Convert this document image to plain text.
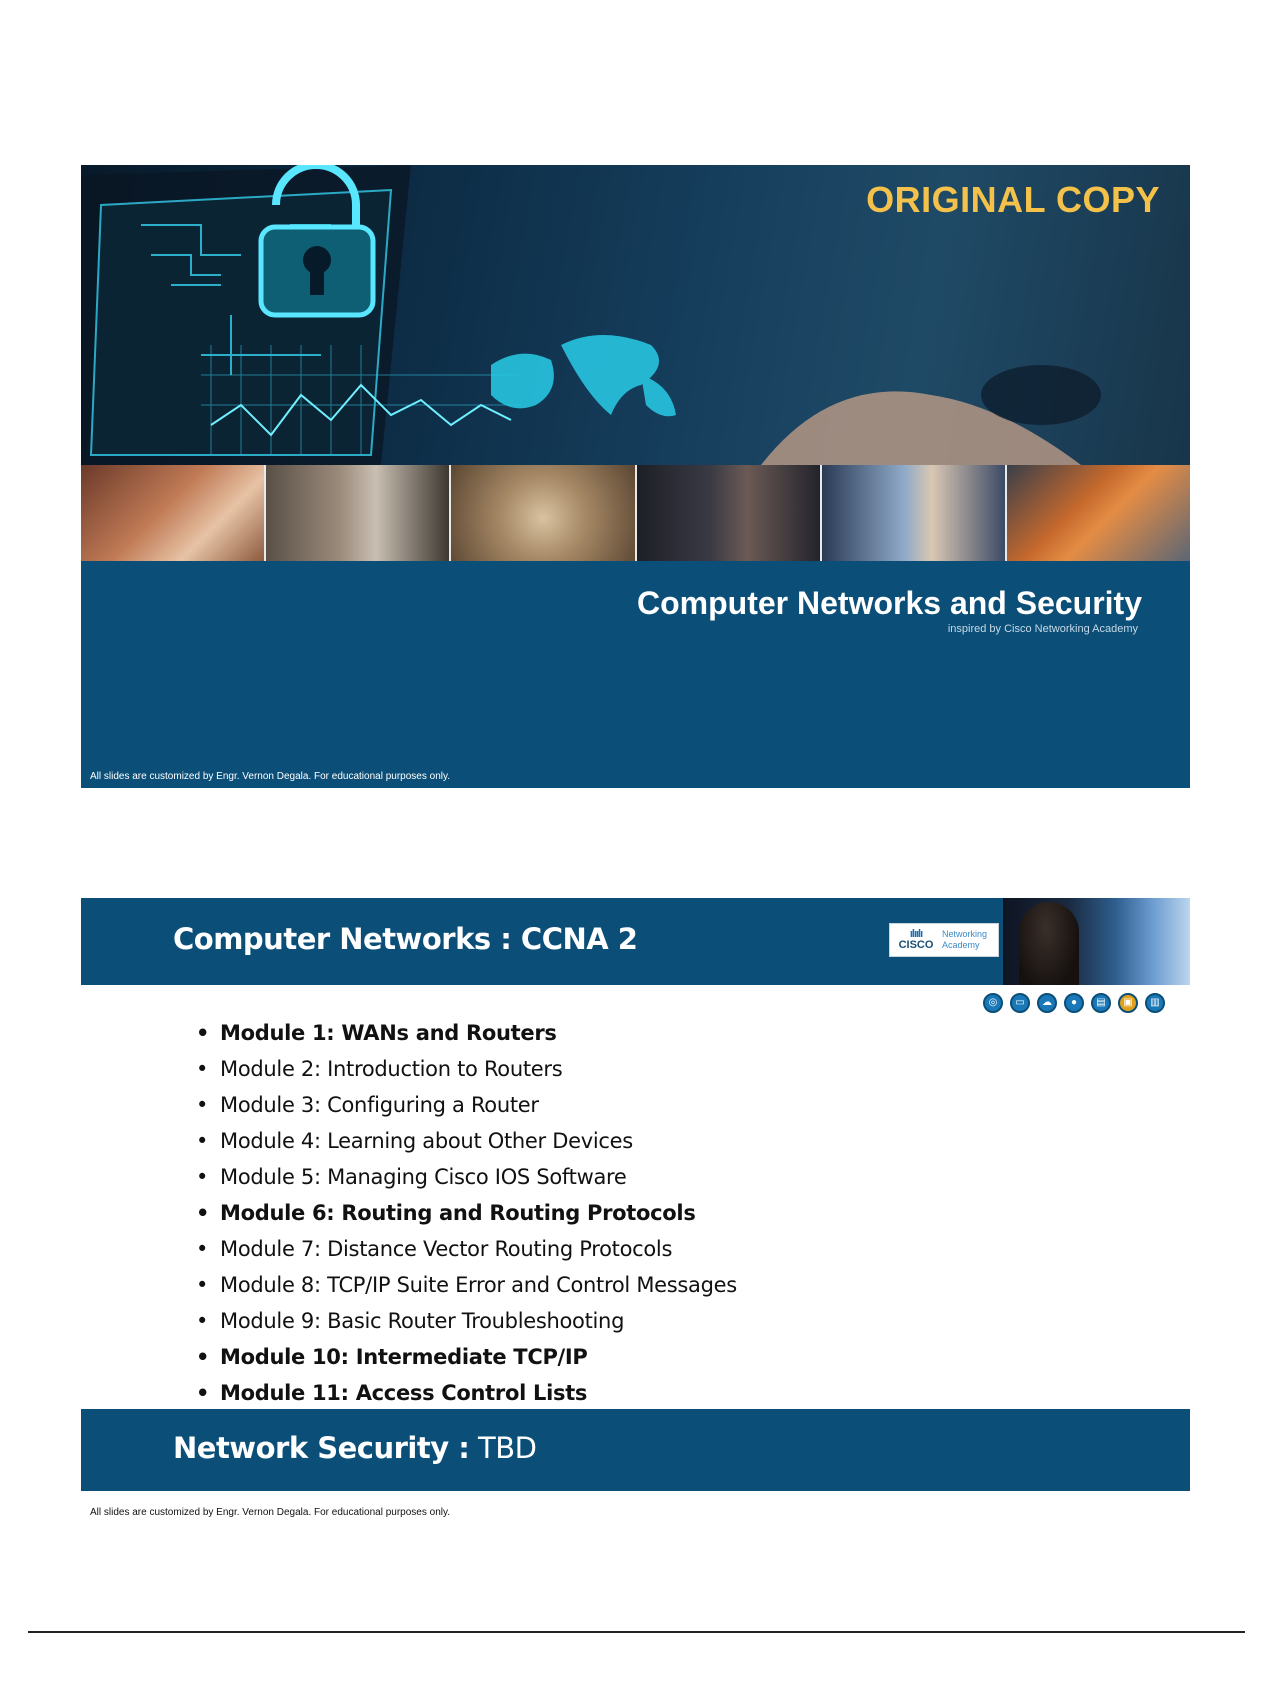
ORIGINAL COPY
Computer Networks and Security
inspired by Cisco Networking Academy
All slides are customized by Engr. Vernon Degala. For educational purposes only.
Computer Networks : CCNA 2	ılıılı
CISCO
Networking
Academy
◎	▭	☁	●	▤	▣	▥
• Module 1: WANs and Routers
• Module 2: Introduction to Routers
• Module 3: Configuring a Router
• Module 4: Learning about Other Devices
• Module 5: Managing Cisco IOS Software
• Module 6: Routing and Routing Protocols
• Module 7: Distance Vector Routing Protocols
• Module 8: TCP/IP Suite Error and Control Messages
• Module 9: Basic Router Troubleshooting
• Module 10: Intermediate TCP/IP
• Module 11: Access Control Lists
Network Security : TBD
All slides are customized by Engr. Vernon Degala. For educational purposes only.
